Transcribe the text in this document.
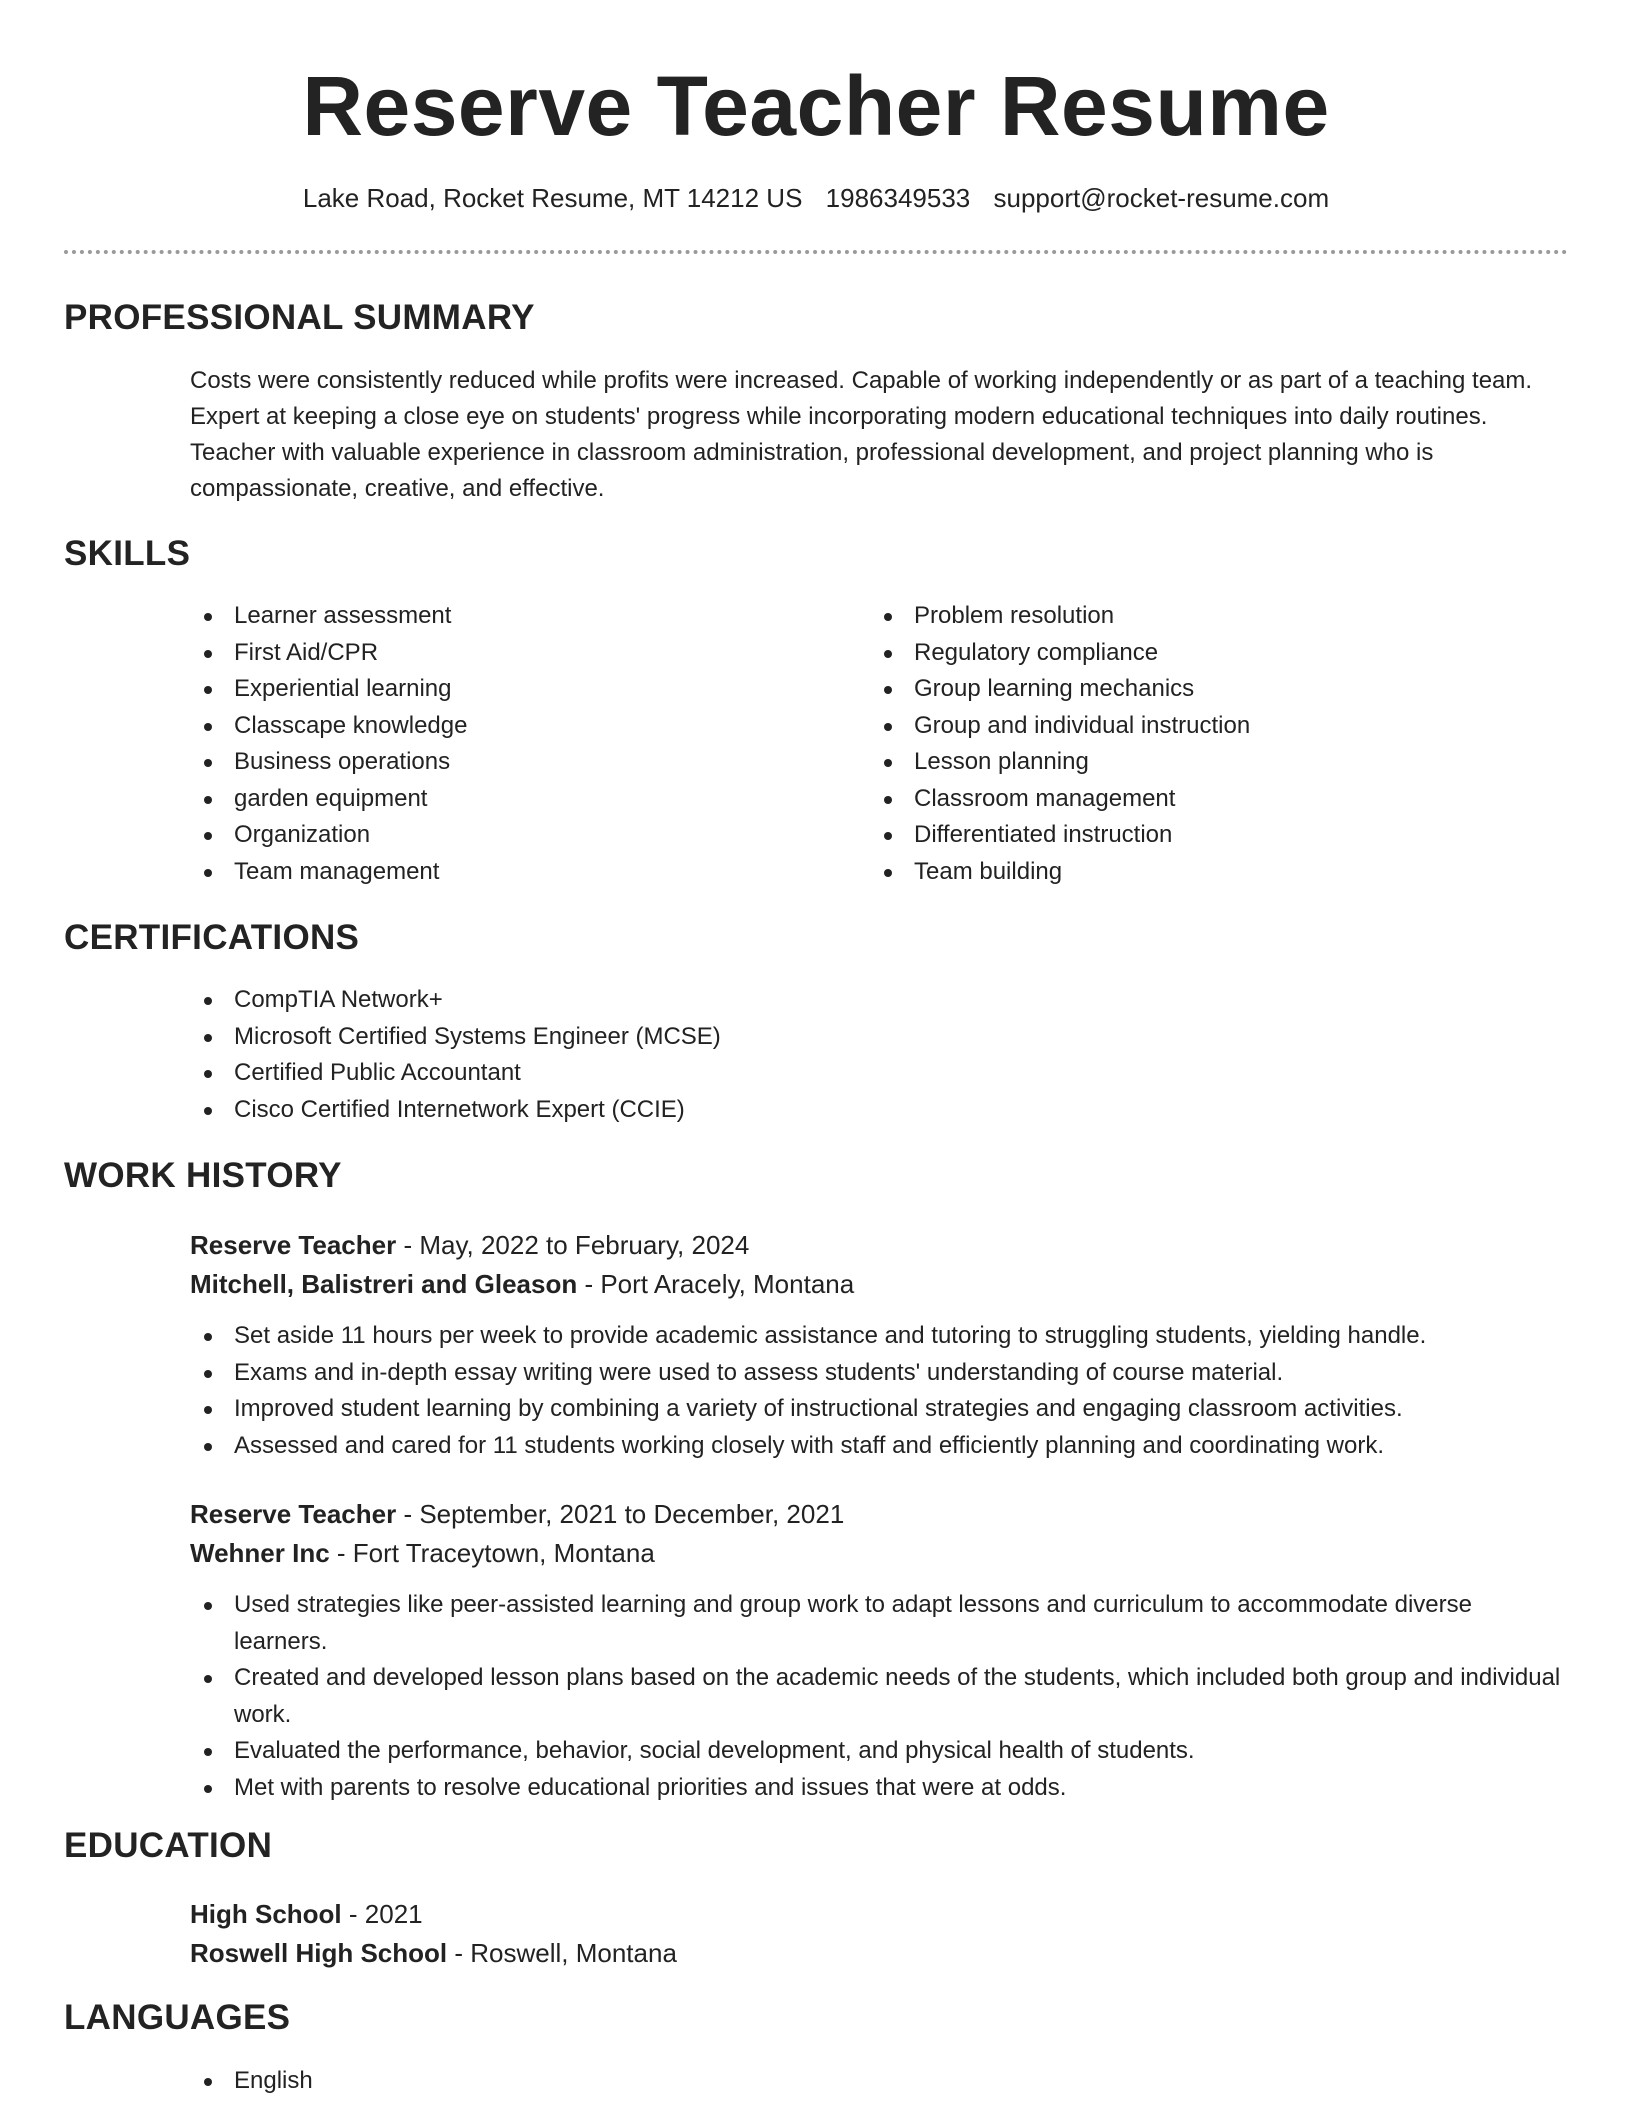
Reserve Teacher Resume
Lake Road, Rocket Resume, MT 14212 US 1986349533 support@rocket-resume.com
PROFESSIONAL SUMMARY
Costs were consistently reduced while profits were increased. Capable of working independently or as part of a teaching team. Expert at keeping a close eye on students' progress while incorporating modern educational techniques into daily routines. Teacher with valuable experience in classroom administration, professional development, and project planning who is compassionate, creative, and effective.
SKILLS
Learner assessment
First Aid/CPR
Experiential learning
Classcape knowledge
Business operations
garden equipment
Organization
Team management
Problem resolution
Regulatory compliance
Group learning mechanics
Group and individual instruction
Lesson planning
Classroom management
Differentiated instruction
Team building
CERTIFICATIONS
CompTIA Network+
Microsoft Certified Systems Engineer (MCSE)
Certified Public Accountant
Cisco Certified Internetwork Expert (CCIE)
WORK HISTORY
Reserve Teacher - May, 2022 to February, 2024
Mitchell, Balistreri and Gleason - Port Aracely, Montana
Set aside 11 hours per week to provide academic assistance and tutoring to struggling students, yielding handle.
Exams and in-depth essay writing were used to assess students' understanding of course material.
Improved student learning by combining a variety of instructional strategies and engaging classroom activities.
Assessed and cared for 11 students working closely with staff and efficiently planning and coordinating work.
Reserve Teacher - September, 2021 to December, 2021
Wehner Inc - Fort Traceytown, Montana
Used strategies like peer-assisted learning and group work to adapt lessons and curriculum to accommodate diverse learners.
Created and developed lesson plans based on the academic needs of the students, which included both group and individual work.
Evaluated the performance, behavior, social development, and physical health of students.
Met with parents to resolve educational priorities and issues that were at odds.
EDUCATION
High School - 2021
Roswell High School - Roswell, Montana
LANGUAGES
English
